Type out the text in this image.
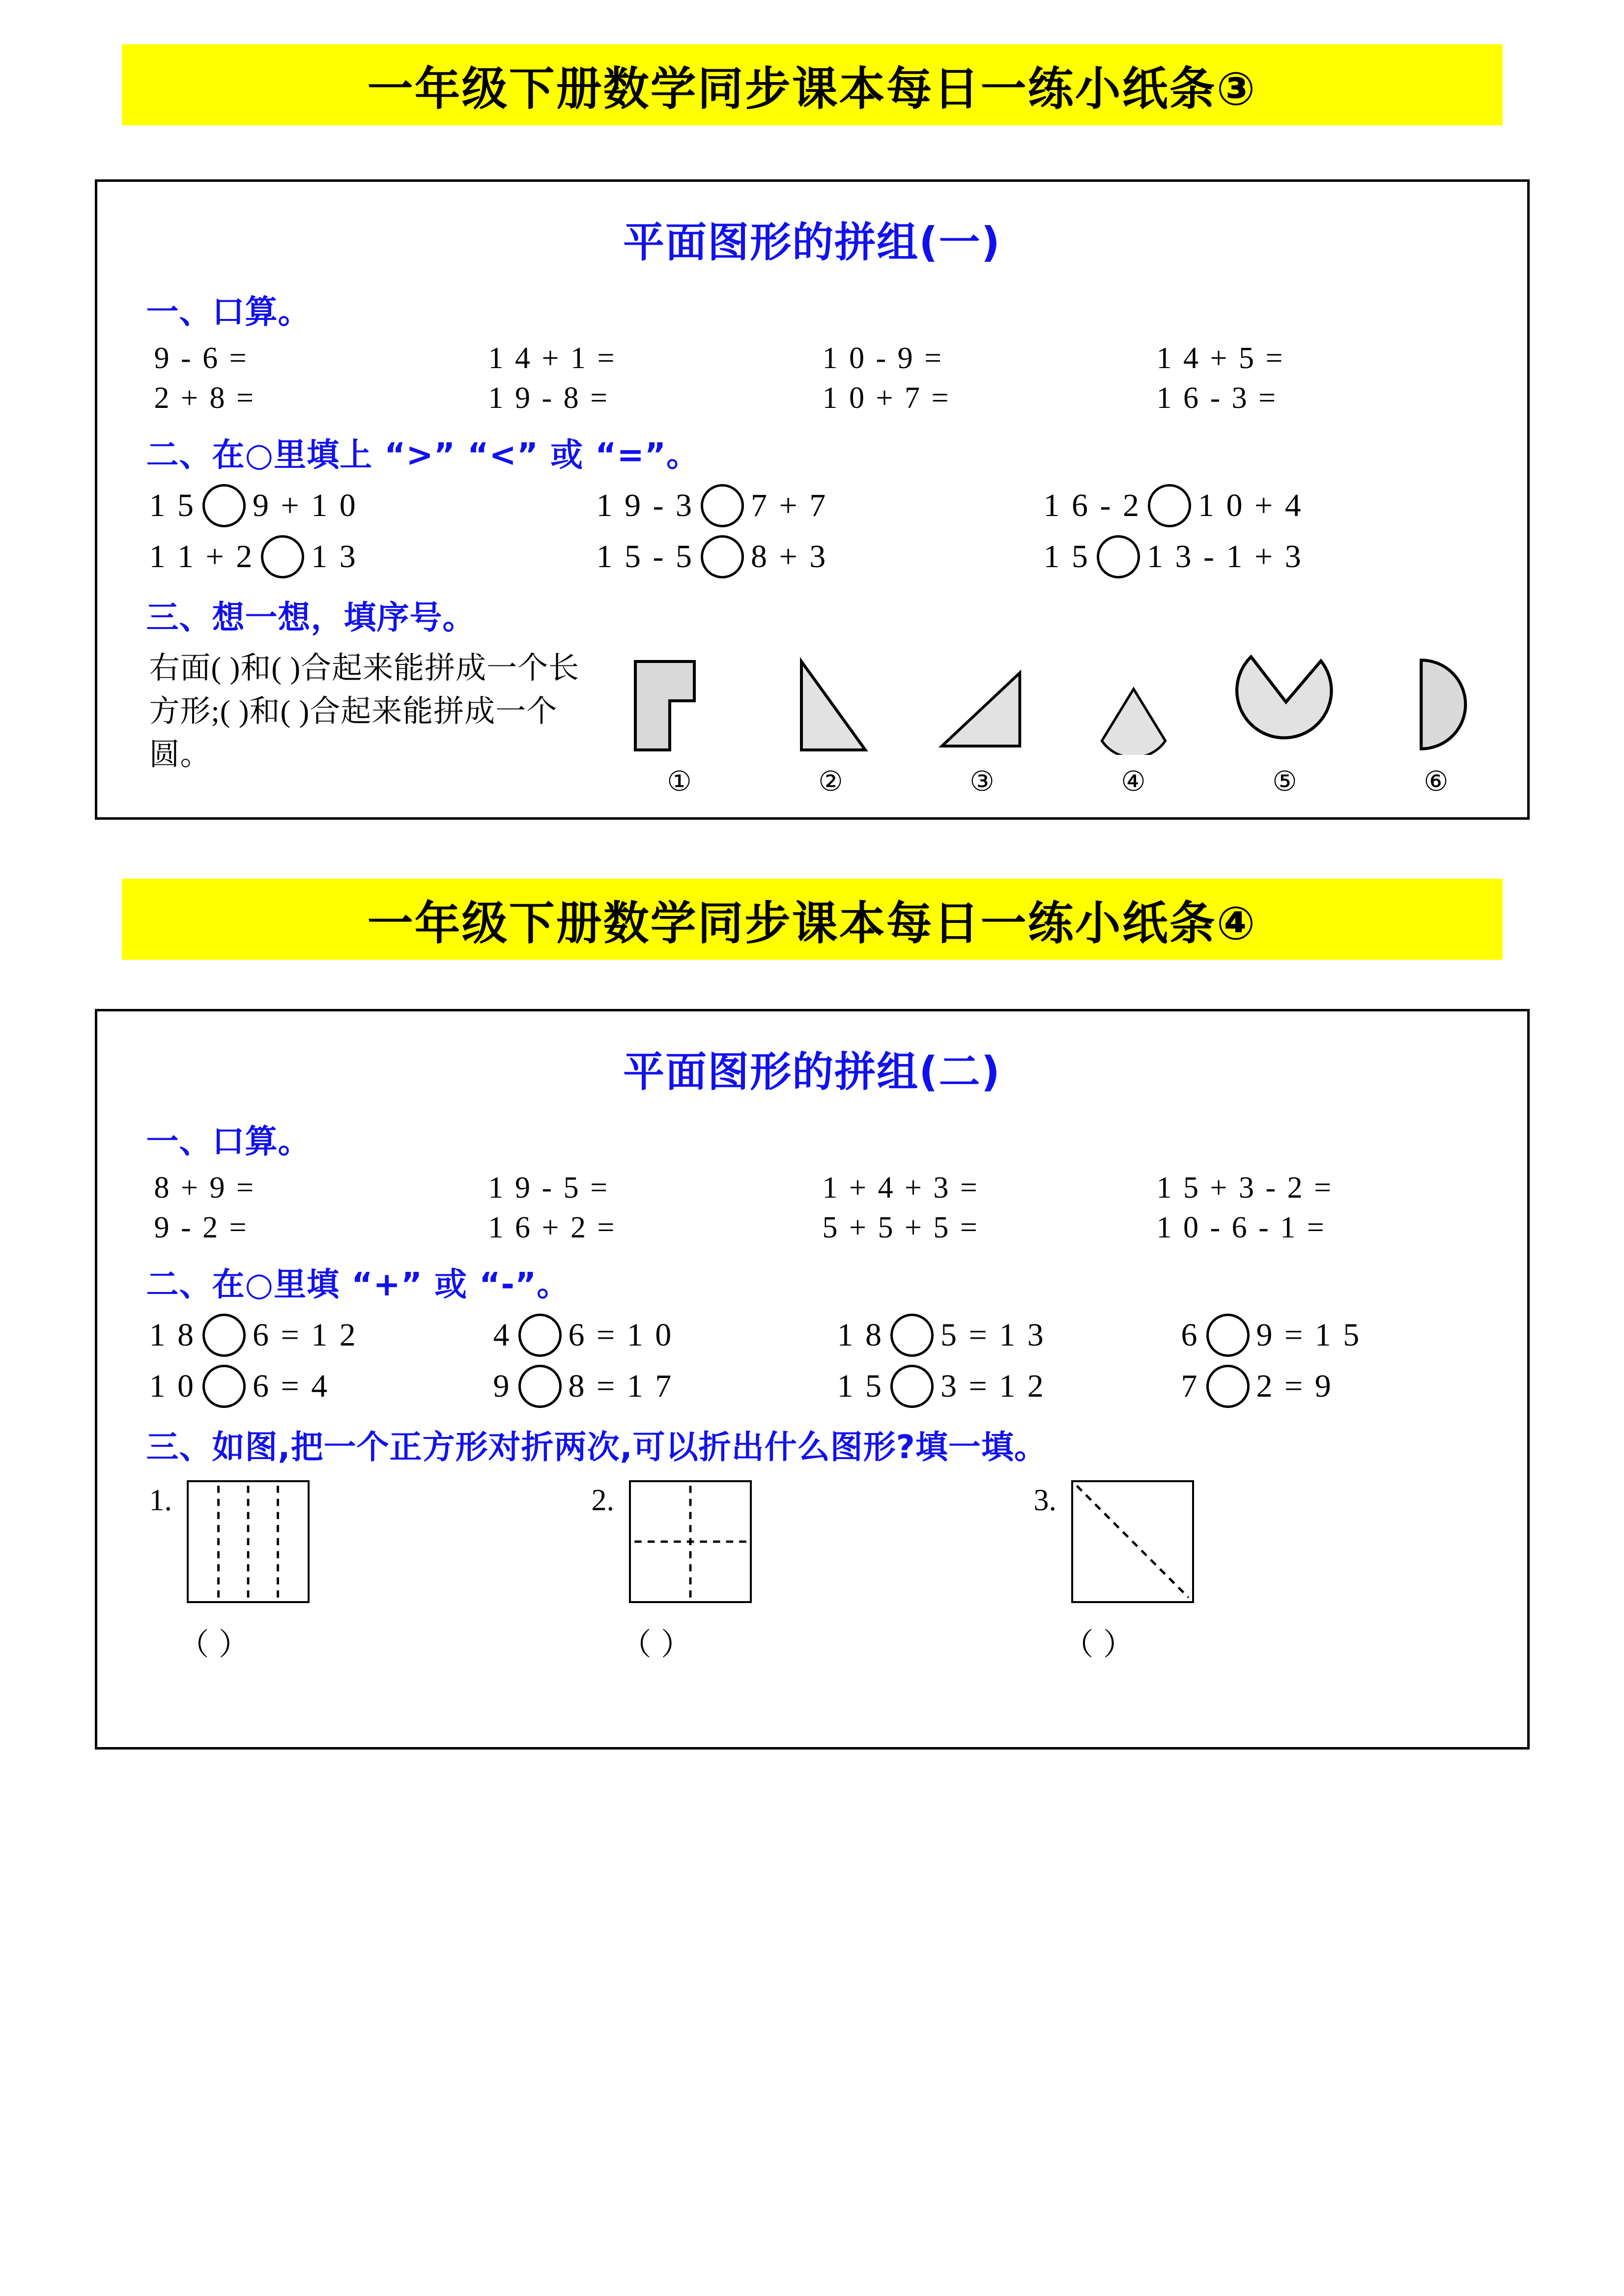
一年级下册数学同步课本每日一练小纸条③
平面图形的拼组(一)
一、口算。
9 - 6 =	1 4 + 1 =	1 0 - 9 =	1 4 + 5 =
2 + 8 =	1 9 - 8 =	1 0 + 7 =	1 6 - 3 =
二、在○里填上 “>” “<” 或 “=”。
1 5 9 + 1 0	1 9 - 3 7 + 7	1 6 - 2 1 0 + 4
1 1 + 2 1 3	1 5 - 5 8 + 3	1 5 1 3 - 1 + 3
三、想一想，填序号。
右面( )和( )合起来能拼成一个长方形;( )和( )合起来能拼成一个圆。
①	②	③	④	⑤	⑥
一年级下册数学同步课本每日一练小纸条④
平面图形的拼组(二)
一、口算。
8 + 9 =	1 9 - 5 =	1 + 4 + 3 =	1 5 + 3 - 2 =
9 - 2 =	1 6 + 2 =	5 + 5 + 5 =	1 0 - 6 - 1 =
二、在○里填 “+” 或 “-”。
1 8 6 = 1 2	4 6 = 1 0	1 8 5 = 1 3	6 9 = 1 5
1 0 6 = 4	9 8 = 1 7	1 5 3 = 1 2	7 2 = 9
三、如图,把一个正方形对折两次,可以折出什么图形?填一填。
1.	2.	3.
（ ）	（ ）	（ ）
